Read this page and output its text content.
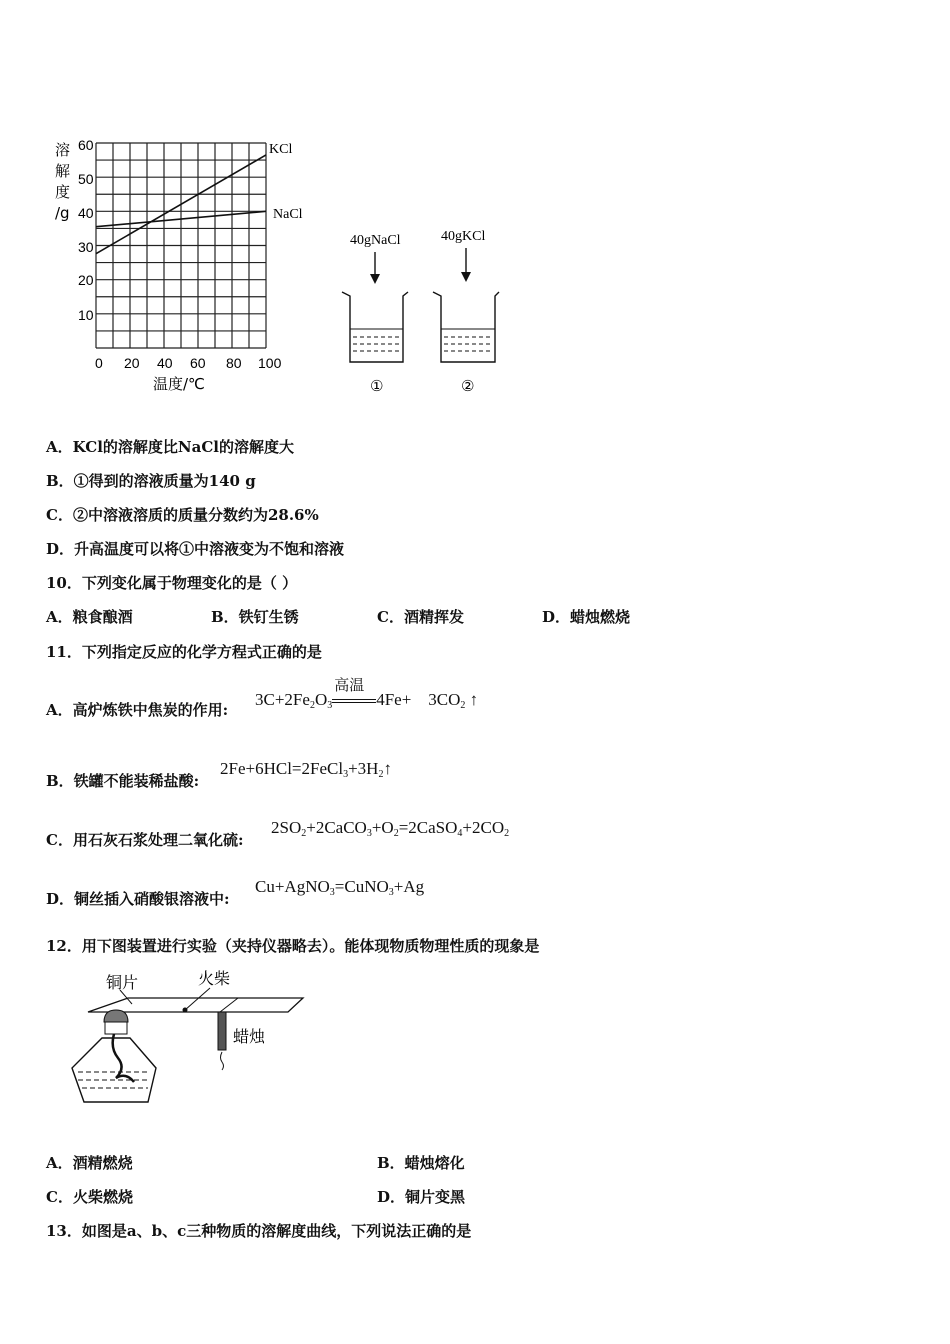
溶
解
度
/g
60
50
40
30
20
10
KCl
NaCl
0 20 40 60 80 100
温度/℃
40gNaCl
①
40gKCl
②
A．KCl的溶解度比NaCl的溶解度大
B．①得到的溶液质量为140 g
C．②中溶液溶质的质量分数约为28.6%
D．升高温度可以将①中溶液变为不饱和溶液
10．下列变化属于物理变化的是（ ）
A．粮食酿酒	B．铁钉生锈	C．酒精挥发	D．蜡烛燃烧
11．下列指定反应的化学方程式正确的是
A．高炉炼铁中焦炭的作用:
$3C+2Fe_2O_3$
高温
4Fe+    $3CO_2$ ↑
B．铁罐不能装稀盐酸:
$2Fe+6HCl=2FeCl_3+3H_2↑$
C．用石灰石浆处理二氧化硫:
$2SO_2+2CaCO_3+O_2=2CaSO_4+2CO_2$
D．铜丝插入硝酸银溶液中:
Cu+AgNO$_3$=CuNO$_3$+Ag
12．用下图装置进行实验（夹持仪器略去）。能体现物质物理性质的现象是
铜片	火柴
蜡烛
A．酒精燃烧	B．蜡烛熔化
C．火柴燃烧	D．铜片变黑
13．如图是a、b、c三种物质的溶解度曲线，下列说法正确的是
